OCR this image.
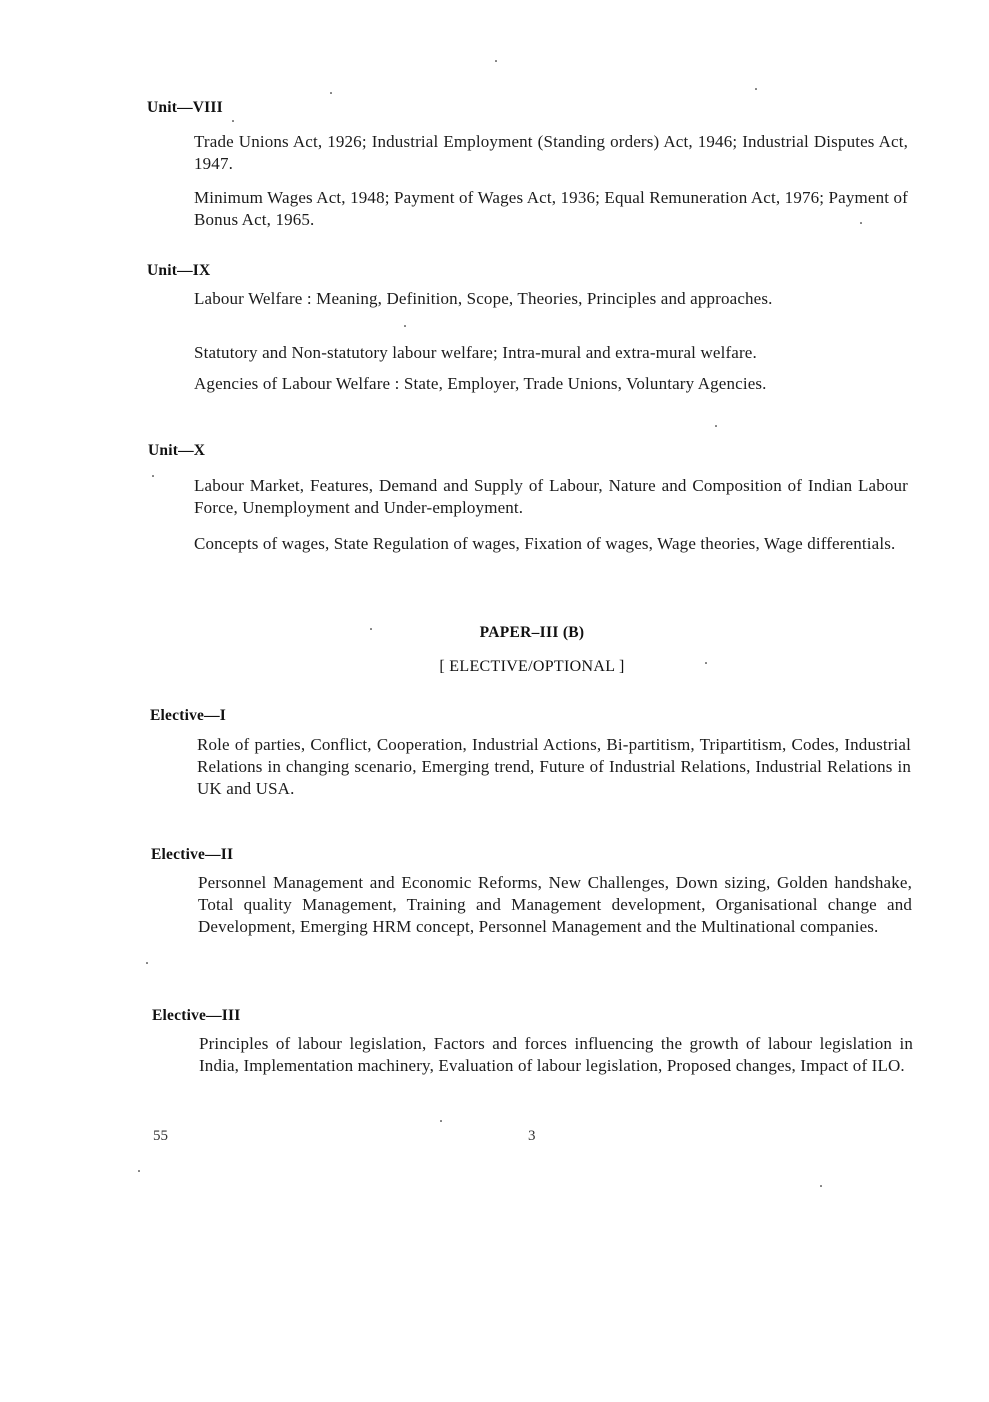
Unit—VIII
Trade Unions Act, 1926; Industrial Employment (Standing orders) Act, 1946; Industrial Disputes Act, 1947.
Minimum Wages Act, 1948; Payment of Wages Act, 1936; Equal Remuneration Act, 1976; Payment of Bonus Act, 1965.
Unit—IX
Labour Welfare : Meaning, Definition, Scope, Theories, Principles and approaches.
Statutory and Non-statutory labour welfare; Intra-mural and extra-mural welfare.
Agencies of Labour Welfare : State, Employer, Trade Unions, Voluntary Agencies.
Unit—X
Labour Market, Features, Demand and Supply of Labour, Nature and Composition of Indian Labour Force, Unemployment and Under-employment.
Concepts of wages, State Regulation of wages, Fixation of wages, Wage theories, Wage differentials.
PAPER–III (B)
[ ELECTIVE/OPTIONAL ]
Elective—I
Role of parties, Conflict, Cooperation, Industrial Actions, Bi-partitism, Tripartitism, Codes, Industrial Relations in changing scenario, Emerging trend, Future of Industrial Relations, Industrial Relations in UK and USA.
Elective—II
Personnel Management and Economic Reforms, New Challenges, Down sizing, Golden handshake, Total quality Management, Training and Management development, Organisational change and Development, Emerging HRM concept, Personnel Management and the Multinational companies.
Elective—III
Principles of labour legislation, Factors and forces influencing the growth of labour legislation in India, Implementation machinery, Evaluation of labour legislation, Proposed changes, Impact of ILO.
55	3
